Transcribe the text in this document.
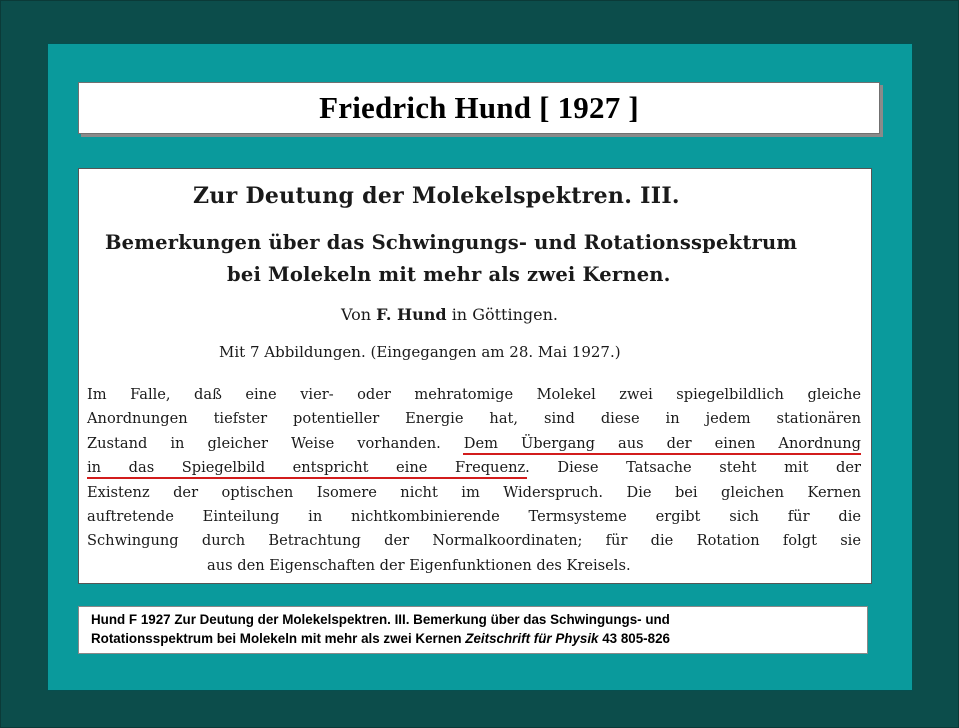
Friedrich Hund [ 1927 ]
Zur Deutung der Molekelspektren. III.
Bemerkungen über das Schwingungs- und Rotationsspektrum
bei Molekeln mit mehr als zwei Kernen.
Von F. Hund in Göttingen.
Mit 7 Abbildungen. (Eingegangen am 28. Mai 1927.)
Im Falle, daß eine vier- oder mehratomige Molekel zwei spiegelbildlich gleiche
Anordnungen tiefster potentieller Energie hat, sind diese in jedem stationären
Zustand in gleicher Weise vorhanden. Dem Übergang aus der einen Anordnung
in das Spiegelbild entspricht eine Frequenz. Diese Tatsache steht mit der
Existenz der optischen Isomere nicht im Widerspruch. Die bei gleichen Kernen
auftretende Einteilung in nichtkombinierende Termsysteme ergibt sich für die
Schwingung durch Betrachtung der Normalkoordinaten; für die Rotation folgt sie
aus den Eigenschaften der Eigenfunktionen des Kreisels.
Hund F 1927 Zur Deutung der Molekelspektren. III. Bemerkung über das Schwingungs- und
Rotationsspektrum bei Molekeln mit mehr als zwei Kernen Zeitschrift für Physik 43 805-826
